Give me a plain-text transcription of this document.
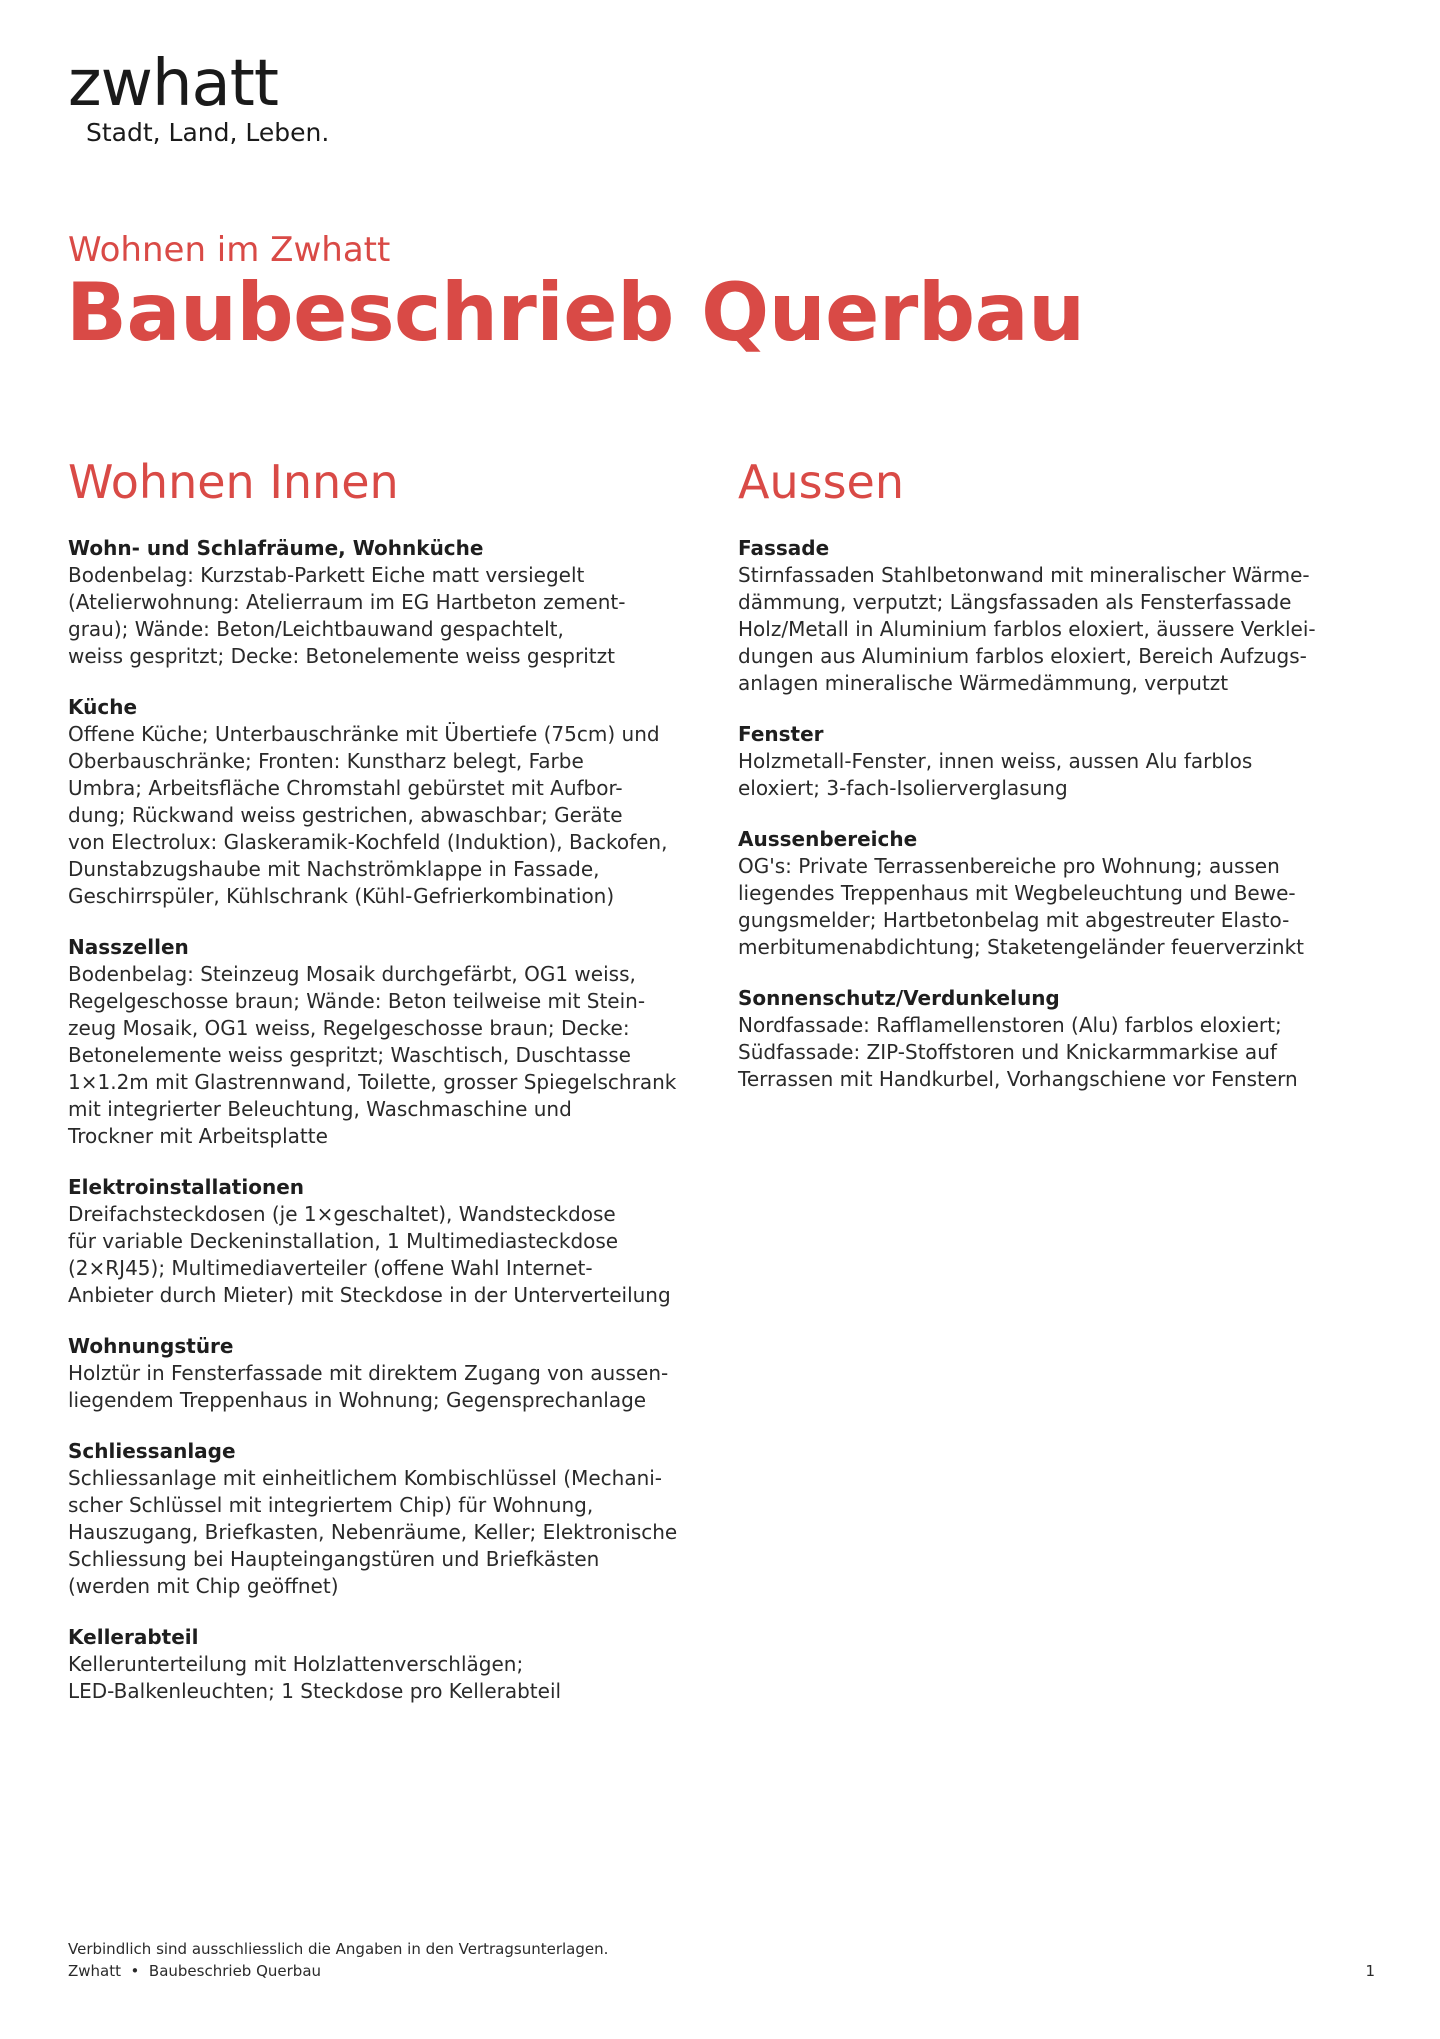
zwhatt
Stadt, Land, Leben.
Wohnen im Zwhatt
Baubeschrieb Querbau
Wohnen Innen
Wohn- und Schlafräume, Wohnküche
Bodenbelag: Kurzstab-Parkett Eiche matt versiegelt
(Atelierwohnung: Atelierraum im EG Hartbeton zement-
grau); Wände: Beton/Leichtbauwand gespachtelt,
weiss gespritzt; Decke: Betonelemente weiss gespritzt
Küche
Offene Küche; Unterbauschränke mit Übertiefe (75cm) und
Oberbauschränke; Fronten: Kunstharz belegt, Farbe
Umbra; Arbeitsfläche Chromstahl gebürstet mit Aufbor-
dung; Rückwand weiss gestrichen, abwaschbar; Geräte
von Electrolux: Glaskeramik-Kochfeld (Induktion), Backofen,
Dunstabzugshaube mit Nachströmklappe in Fassade,
Geschirrspüler, Kühlschrank (Kühl-Gefrierkombination)
Nasszellen
Bodenbelag: Steinzeug Mosaik durchgefärbt, OG1 weiss,
Regelgeschosse braun; Wände: Beton teilweise mit Stein-
zeug Mosaik, OG1 weiss, Regelgeschosse braun; Decke:
Betonelemente weiss gespritzt; Waschtisch, Duschtasse
1×1.2m mit Glastrennwand, Toilette, grosser Spiegelschrank
mit integrierter Beleuchtung, Waschmaschine und
Trockner mit Arbeitsplatte
Elektroinstallationen
Dreifachsteckdosen (je 1×geschaltet), Wandsteckdose
für variable Deckeninstallation, 1 Multimediasteckdose
(2×RJ45); Multimediaverteiler (offene Wahl Internet-
Anbieter durch Mieter) mit Steckdose in der Unterverteilung
Wohnungstüre
Holztür in Fensterfassade mit direktem Zugang von aussen-
liegendem Treppenhaus in Wohnung; Gegensprechanlage
Schliessanlage
Schliessanlage mit einheitlichem Kombischlüssel (Mechani-
scher Schlüssel mit integriertem Chip) für Wohnung,
Hauszugang, Briefkasten, Nebenräume, Keller; Elektronische
Schliessung bei Haupteingangstüren und Briefkästen
(werden mit Chip geöffnet)
Kellerabteil
Kellerunterteilung mit Holzlattenverschlägen;
LED-Balkenleuchten; 1 Steckdose pro Kellerabteil
Aussen
Fassade
Stirnfassaden Stahlbetonwand mit mineralischer Wärme-
dämmung, verputzt; Längsfassaden als Fensterfassade
Holz/Metall in Aluminium farblos eloxiert, äussere Verklei-
dungen aus Aluminium farblos eloxiert, Bereich Aufzugs-
anlagen mineralische Wärmedämmung, verputzt
Fenster
Holzmetall-Fenster, innen weiss, aussen Alu farblos
eloxiert; 3-fach-Isolierverglasung
Aussenbereiche
OG's: Private Terrassenbereiche pro Wohnung; aussen
liegendes Treppenhaus mit Wegbeleuchtung und Bewe-
gungsmelder; Hartbetonbelag mit abgestreuter Elasto-
merbitumenabdichtung; Staketengeländer feuerverzinkt
Sonnenschutz/Verdunkelung
Nordfassade: Rafflamellenstoren (Alu) farblos eloxiert;
Südfassade: ZIP-Stoffstoren und Knickarmmarkise auf
Terrassen mit Handkurbel, Vorhangschiene vor Fenstern
Verbindlich sind ausschliesslich die Angaben in den Vertragsunterlagen.
Zwhatt  •  Baubeschrieb Querbau	1
